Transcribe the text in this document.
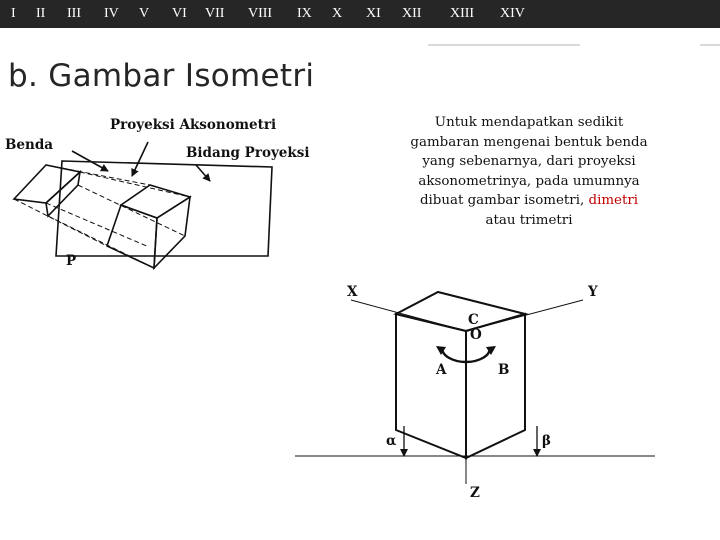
I II III IV V VI VII VIII IX X XI XII XIII XIV
b. Gambar Isometri

Untuk mendapatkan sedikit gambaran mengenai bentuk benda yang sebenarnya, dari proyeksi aksonometrinya, pada umumnya dibuat gambar isometri, dimetri atau trimetri

Benda
Proyeksi Aksonometri
Bidang Proyeksi
P
X	Y
Z
C
O
A	B
α	β
